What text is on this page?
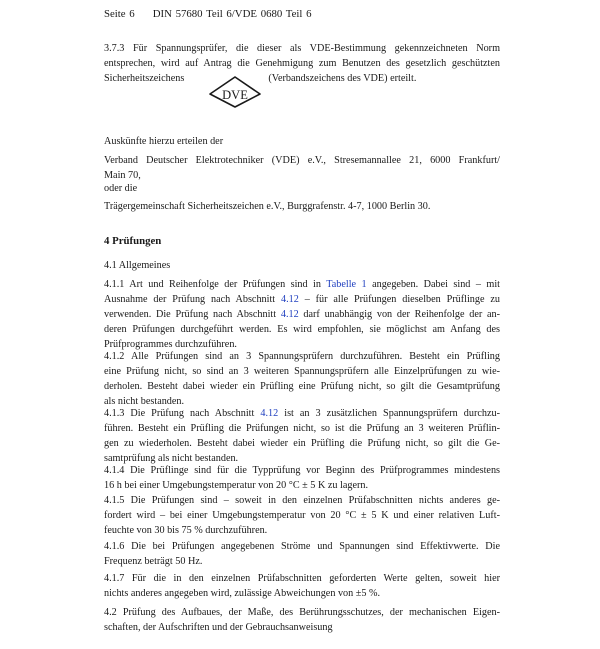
Seite 6 DIN 57680 Teil 6/VDE 0680 Teil 6
3.7.3 Für Spannungsprüfer, die dieser als VDE-Bestimmung gekennzeichneten Norm
entsprechen, wird auf Antrag die Genehmigung zum Benutzen des gesetzlich geschützten
Sicherheitszeichens	(Verbandszeichens des VDE) erteilt.
DVE
Auskünfte hierzu erteilen der
Verband Deutscher Elektrotechniker (VDE) e.V., Stresemannallee 21, 6000 Frankfurt/
Main 70,
oder die
Trägergemeinschaft Sicherheitszeichen e.V., Burggrafenstr. 4-7, 1000 Berlin 30.
4 Prüfungen
4.1 Allgemeines
4.1.1 Art und Reihenfolge der Prüfungen sind in Tabelle 1 angegeben. Dabei sind – mit
Ausnahme der Prüfung nach Abschnitt 4.12 – für alle Prüfungen dieselben Prüflinge zu
verwenden. Die Prüfung nach Abschnitt 4.12 darf unabhängig von der Reihenfolge der an-
deren Prüfungen durchgeführt werden. Es wird empfohlen, sie möglichst am Anfang des
Prüfprogrammes durchzuführen.
4.1.2 Alle Prüfungen sind an 3 Spannungsprüfern durchzuführen. Besteht ein Prüfling
eine Prüfung nicht, so sind an 3 weiteren Spannungsprüfern alle Einzelprüfungen zu wie-
derholen. Besteht dabei wieder ein Prüfling eine Prüfung nicht, so gilt die Gesamtprüfung
als nicht bestanden.
4.1.3 Die Prüfung nach Abschnitt 4.12 ist an 3 zusätzlichen Spannungsprüfern durchzu-
führen. Besteht ein Prüfling die Prüfungen nicht, so ist die Prüfung an 3 weiteren Prüflin-
gen zu wiederholen. Besteht dabei wieder ein Prüfling die Prüfung nicht, so gilt die Ge-
samtprüfung als nicht bestanden.
4.1.4 Die Prüflinge sind für die Typprüfung vor Beginn des Prüfprogrammes mindestens
16 h bei einer Umgebungstemperatur von 20 °C ± 5 K zu lagern.
4.1.5 Die Prüfungen sind – soweit in den einzelnen Prüfabschnitten nichts anderes ge-
fordert wird – bei einer Umgebungstemperatur von 20 °C ± 5 K und einer relativen Luft-
feuchte von 30 bis 75 % durchzuführen.
4.1.6 Die bei Prüfungen angegebenen Ströme und Spannungen sind Effektivwerte. Die
Frequenz beträgt 50 Hz.
4.1.7 Für die in den einzelnen Prüfabschnitten geforderten Werte gelten, soweit hier
nichts anderes angegeben wird, zulässige Abweichungen von ±5 %.
4.2 Prüfung des Aufbaues, der Maße, des Berührungsschutzes, der mechanischen Eigen-
schaften, der Aufschriften und der Gebrauchsanweisung
